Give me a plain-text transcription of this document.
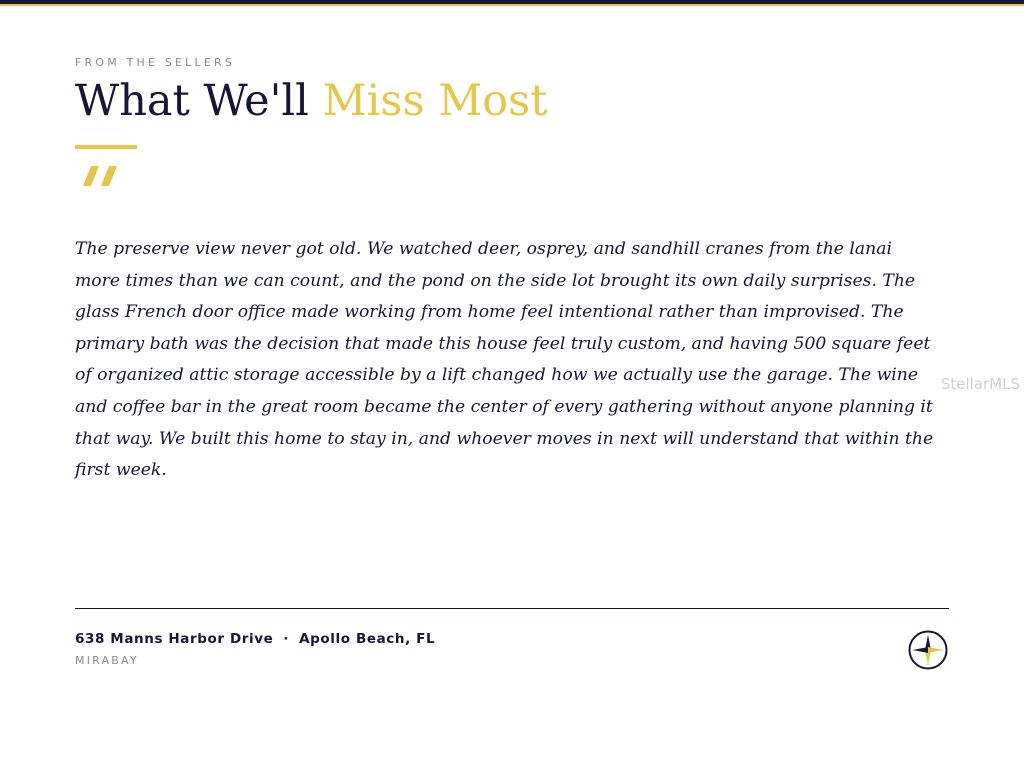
FROM THE SELLERS
What We'll Miss Most

The preserve view never got old. We watched deer, osprey, and sandhill cranes from the lanai more times than we can count, and the pond on the side lot brought its own daily surprises. The glass French door office made working from home feel intentional rather than improvised. The primary bath was the decision that made this house feel truly custom, and having 500 square feet of organized attic storage accessible by a lift changed how we actually use the garage. The wine and coffee bar in the great room became the center of every gathering without anyone planning it that way. We built this home to stay in, and whoever moves in next will understand that within the first week.

StellarMLS
638 Manns Harbor Drive · Apollo Beach, FL
MIRABAY
